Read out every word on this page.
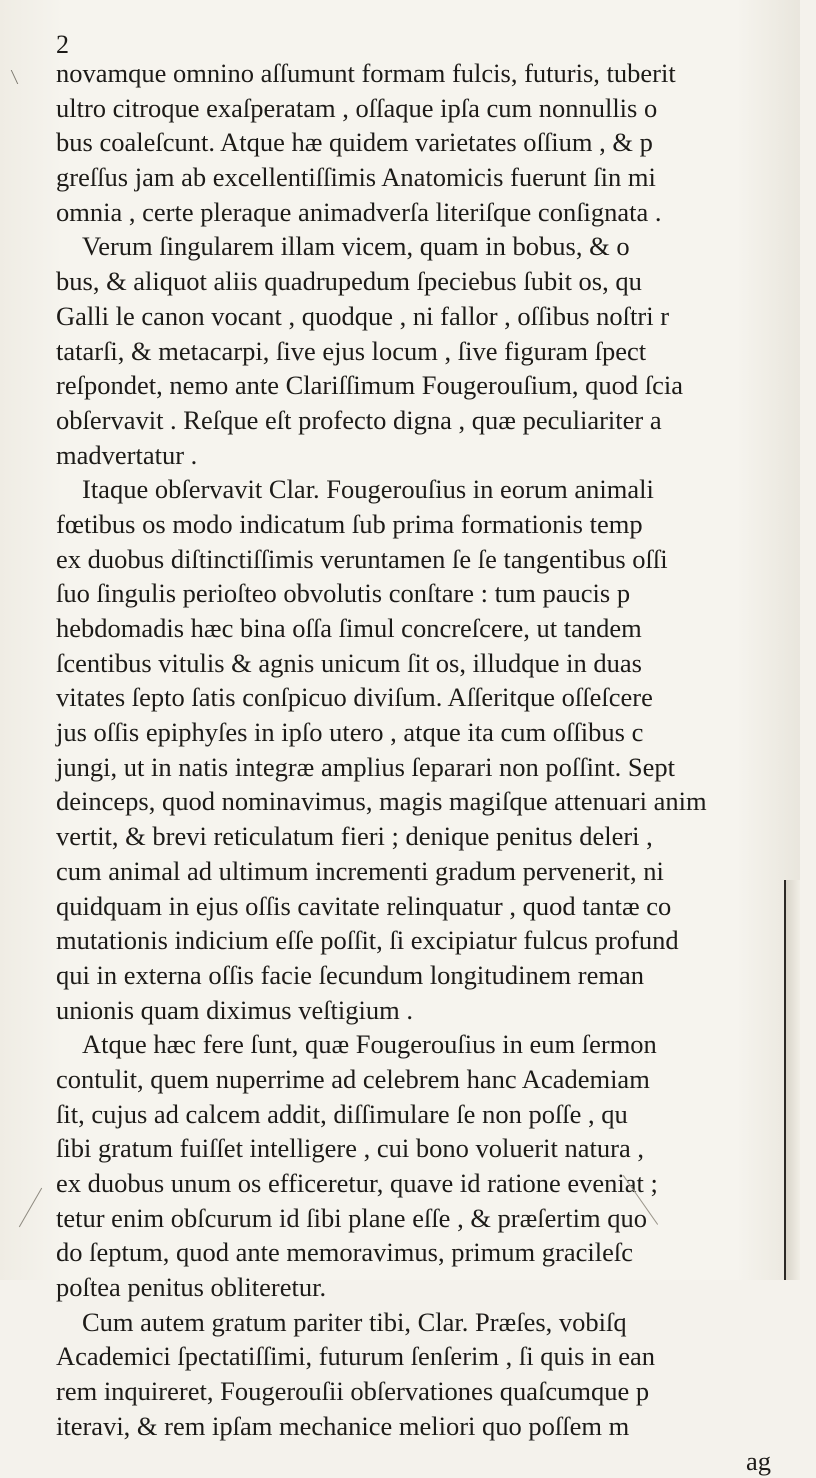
2
novamque omnino aſſumunt formam fulcis, futuris, tuberit
ultro citroque exaſperatam , oſſaque ipſa cum nonnullis o
bus coaleſcunt. Atque hæ quidem varietates oſſium , & p
greſſus jam ab excellentiſſimis Anatomicis fuerunt ſin mi
omnia , certe pleraque animadverſa literiſque conſignata .
Verum ſingularem illam vicem, quam in bobus, & o
bus, & aliquot aliis quadrupedum ſpeciebus ſubit os, qu
Galli le canon vocant , quodque , ni fallor , oſſibus noſtri r
tatarſi, & metacarpi, ſive ejus locum , ſive figuram ſpect
reſpondet, nemo ante Clariſſimum Fougerouſium, quod ſcia
obſervavit . Reſque eſt profecto digna , quæ peculiariter a
madvertatur .
Itaque obſervavit Clar. Fougerouſius in eorum animali
fœtibus os modo indicatum ſub prima formationis temp
ex duobus diſtinctiſſimis veruntamen ſe ſe tangentibus oſſi
ſuo ſingulis perioſteo obvolutis conſtare : tum paucis p
hebdomadis hæc bina oſſa ſimul concreſcere, ut tandem
ſcentibus vitulis & agnis unicum ſit os, illudque in duas
vitates ſepto ſatis conſpicuo diviſum. Aſſeritque oſſeſcere
jus oſſis epiphyſes in ipſo utero , atque ita cum oſſibus c
jungi, ut in natis integræ amplius ſeparari non poſſint. Sept
deinceps, quod nominavimus, magis magiſque attenuari anim
vertit, & brevi reticulatum fieri ; denique penitus deleri ,
cum animal ad ultimum incrementi gradum pervenerit, ni
quidquam in ejus oſſis cavitate relinquatur , quod tantæ co
mutationis indicium eſſe poſſit, ſi excipiatur fulcus profund
qui in externa oſſis facie ſecundum longitudinem reman
unionis quam diximus veſtigium .
Atque hæc fere ſunt, quæ Fougerouſius in eum ſermon
contulit, quem nuperrime ad celebrem hanc Academiam
ſit, cujus ad calcem addit, diſſimulare ſe non poſſe , qu
ſibi gratum fuiſſet intelligere , cui bono voluerit natura ,
ex duobus unum os efficeretur, quave id ratione eveniat ;
tetur enim obſcurum id ſibi plane eſſe , & præſertim quo
do ſeptum, quod ante memoravimus, primum gracileſc
poſtea penitus obliteretur.
Cum autem gratum pariter tibi, Clar. Præſes, vobiſq
Academici ſpectatiſſimi, futurum ſenſerim , ſi quis in ean
rem inquireret, Fougerouſii obſervationes quaſcumque p
iteravi, & rem ipſam mechanice meliori quo poſſem m
ag
